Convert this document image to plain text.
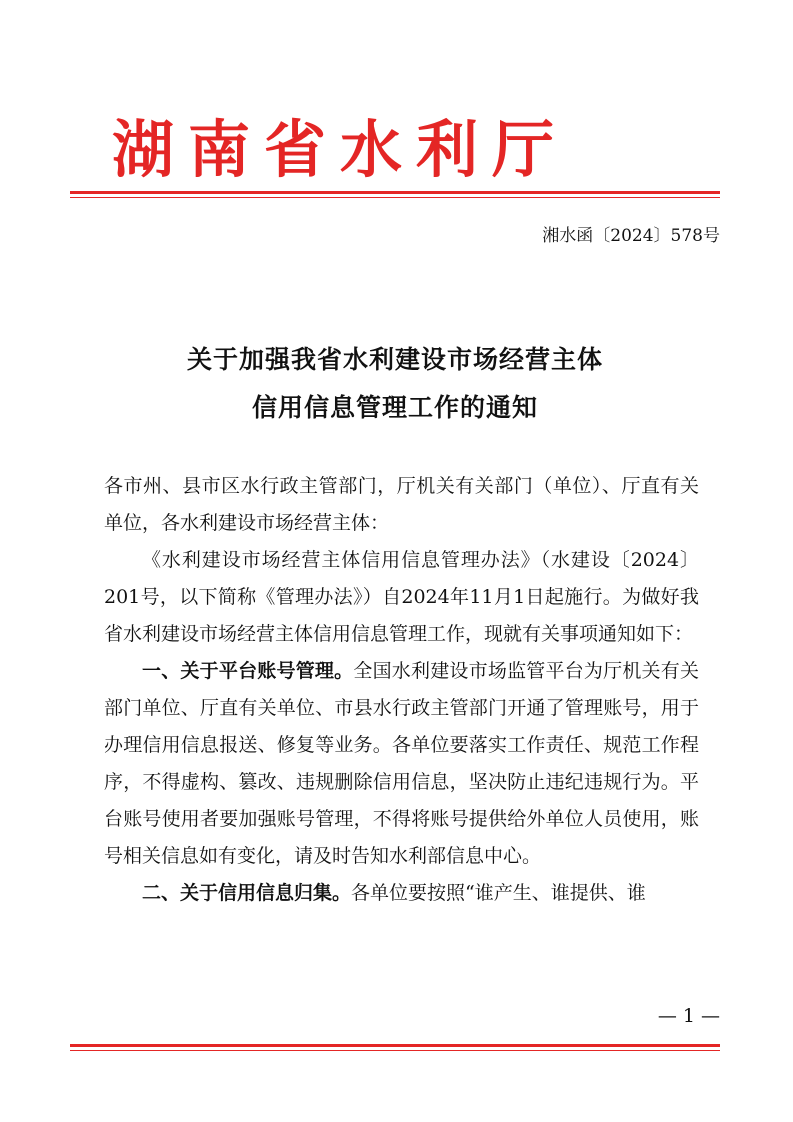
湖南省水利厅
湘水函〔2024〕578号
关于加强我省水利建设市场经营主体
信用信息管理工作的通知

各市州、县市区水行政主管部门，厅机关有关部门（单位）、厅直有关单位，各水利建设市场经营主体：

《水利建设市场经营主体信用信息管理办法》（水建设〔2024〕201号，以下简称《管理办法》）自2024年11月1日起施行。为做好我省水利建设市场经营主体信用信息管理工作，现就有关事项通知如下：

一、关于平台账号管理。全国水利建设市场监管平台为厅机关有关部门单位、厅直有关单位、市县水行政主管部门开通了管理账号，用于办理信用信息报送、修复等业务。各单位要落实工作责任、规范工作程序，不得虚构、篡改、违规删除信用信息，坚决防止违纪违规行为。平台账号使用者要加强账号管理，不得将账号提供给外单位人员使用，账号相关信息如有变化，请及时告知水利部信息中心。

二、关于信用信息归集。各单位要按照“谁产生、谁提供、谁

— 1 —
